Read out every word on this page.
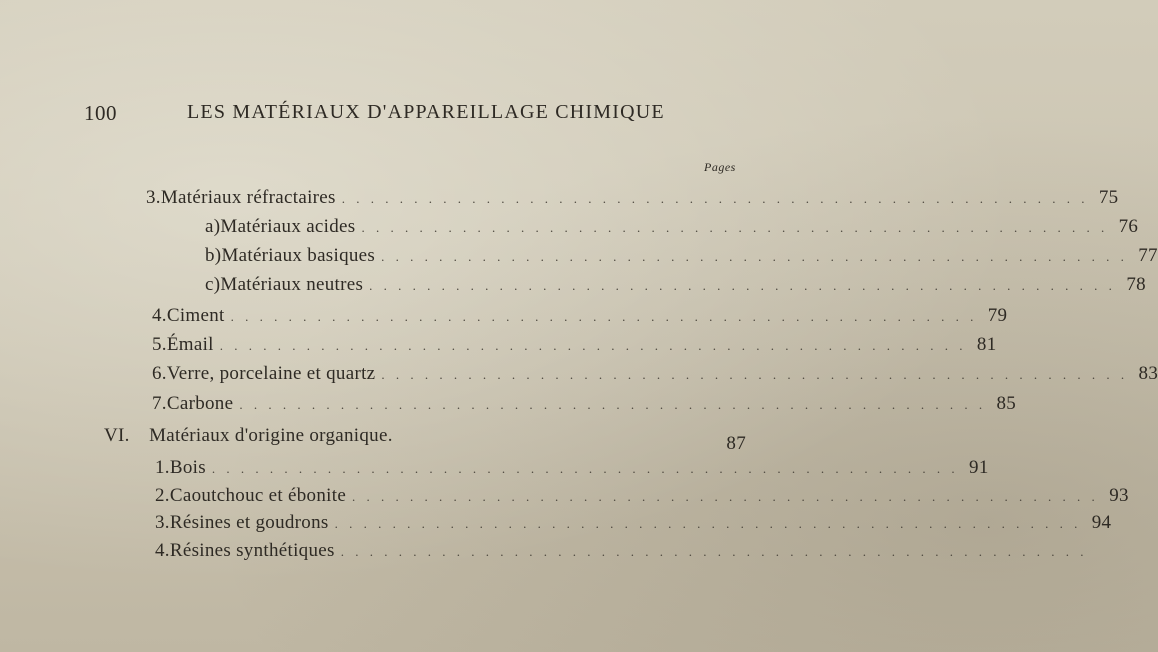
100	LES MATÉRIAUX D'APPAREILLAGE CHIMIQUE
Pages
3. Matériaux réfractaires . . . . . . . . . . . . . . . . . . . . . . . . . . . . . . . . . . . . . . . . . . . . . . . . . . . . 75
a) Matériaux acides . . . . . . . . . . . . . . . . . . . . . . . . . . . . . . . . . . . . . . . . . . . . . . . . . . . . 76
b) Matériaux basiques . . . . . . . . . . . . . . . . . . . . . . . . . . . . . . . . . . . . . . . . . . . . . . . . . . . . 77
c) Matériaux neutres . . . . . . . . . . . . . . . . . . . . . . . . . . . . . . . . . . . . . . . . . . . . . . . . . . . . 78
4. Ciment . . . . . . . . . . . . . . . . . . . . . . . . . . . . . . . . . . . . . . . . . . . . . . . . . . . . 79
5. Émail . . . . . . . . . . . . . . . . . . . . . . . . . . . . . . . . . . . . . . . . . . . . . . . . . . . . 81
6. Verre, porcelaine et quartz . . . . . . . . . . . . . . . . . . . . . . . . . . . . . . . . . . . . . . . . . . . . . . . . . . . . 83
7. Carbone . . . . . . . . . . . . . . . . . . . . . . . . . . . . . . . . . . . . . . . . . . . . . . . . . . . . 85
VI. Matériaux d'origine organique.	87
1. Bois . . . . . . . . . . . . . . . . . . . . . . . . . . . . . . . . . . . . . . . . . . . . . . . . . . . . 91
2. Caoutchouc et ébonite . . . . . . . . . . . . . . . . . . . . . . . . . . . . . . . . . . . . . . . . . . . . . . . . . . . . 93
3. Résines et goudrons . . . . . . . . . . . . . . . . . . . . . . . . . . . . . . . . . . . . . . . . . . . . . . . . . . . . 94
4. Résines synthétiques . . . . . . . . . . . . . . . . . . . . . . . . . . . . . . . . . . . . . . . . . . . . . . . . . . . .
